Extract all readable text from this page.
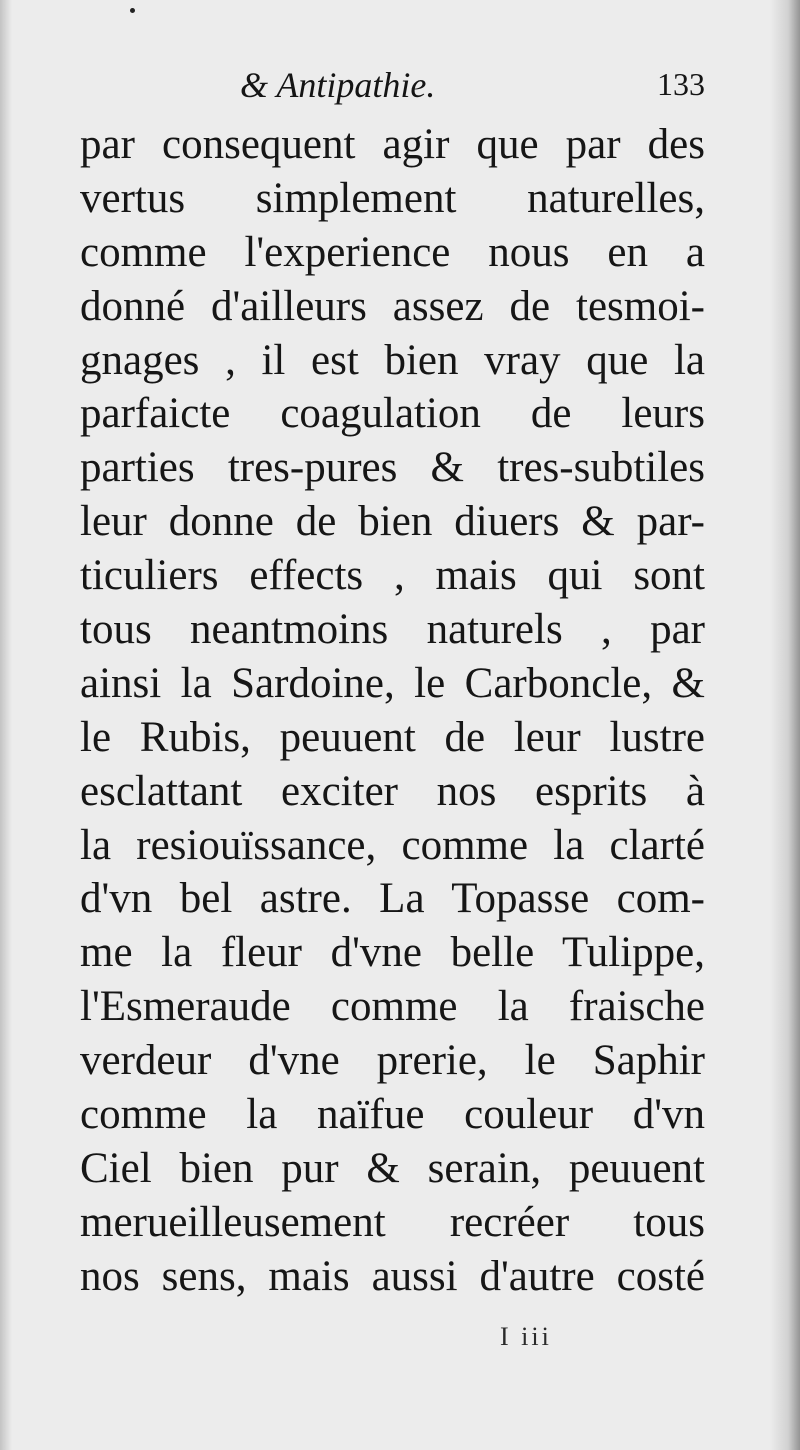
& Antipathie.	133
par consequent agir que par des
vertus simplement naturelles,
comme l'experience nous en a
donné d'ailleurs assez de tesmoi-
gnages , il est bien vray que la
parfaicte coagulation de leurs
parties tres-pures & tres-subtiles
leur donne de bien diuers & par-
ticuliers effects , mais qui sont
tous neantmoins naturels , par
ainsi la Sardoine, le Carboncle, &
le Rubis, peuuent de leur lustre
esclattant exciter nos esprits à
la resiouïssance, comme la clarté
d'vn bel astre. La Topasse com-
me la fleur d'vne belle Tulippe,
l'Esmeraude comme la fraische
verdeur d'vne prerie, le Saphir
comme la naïfue couleur d'vn
Ciel bien pur & serain, peuuent
merueilleusement recréer tous
nos sens, mais aussi d'autre costé
I iii
